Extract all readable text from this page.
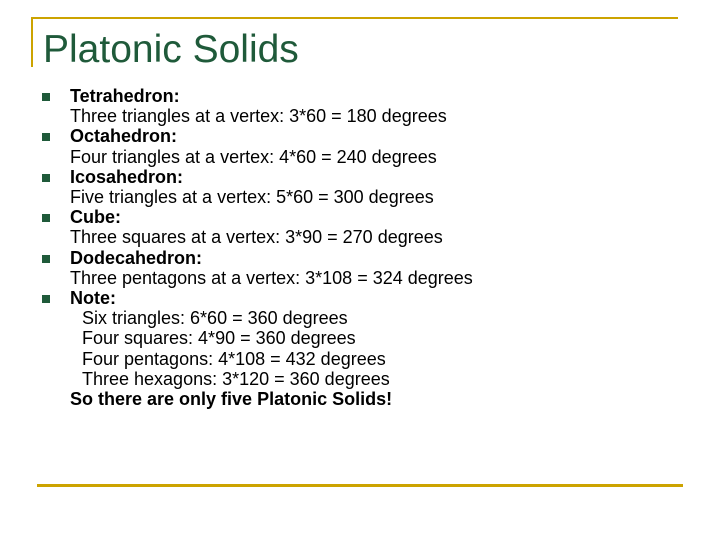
Platonic Solids
Tetrahedron:
Three triangles at a vertex: 3*60 = 180 degrees
Octahedron:
Four triangles at a vertex: 4*60 = 240 degrees
Icosahedron:
Five triangles at a vertex: 5*60 = 300 degrees
Cube:
Three squares at a vertex: 3*90 = 270 degrees
Dodecahedron:
Three pentagons at a vertex: 3*108 = 324 degrees
Note:
Six triangles: 6*60 = 360 degrees
Four squares: 4*90 = 360 degrees
Four pentagons: 4*108 = 432 degrees
Three hexagons: 3*120 = 360 degrees
So there are only five Platonic Solids!
